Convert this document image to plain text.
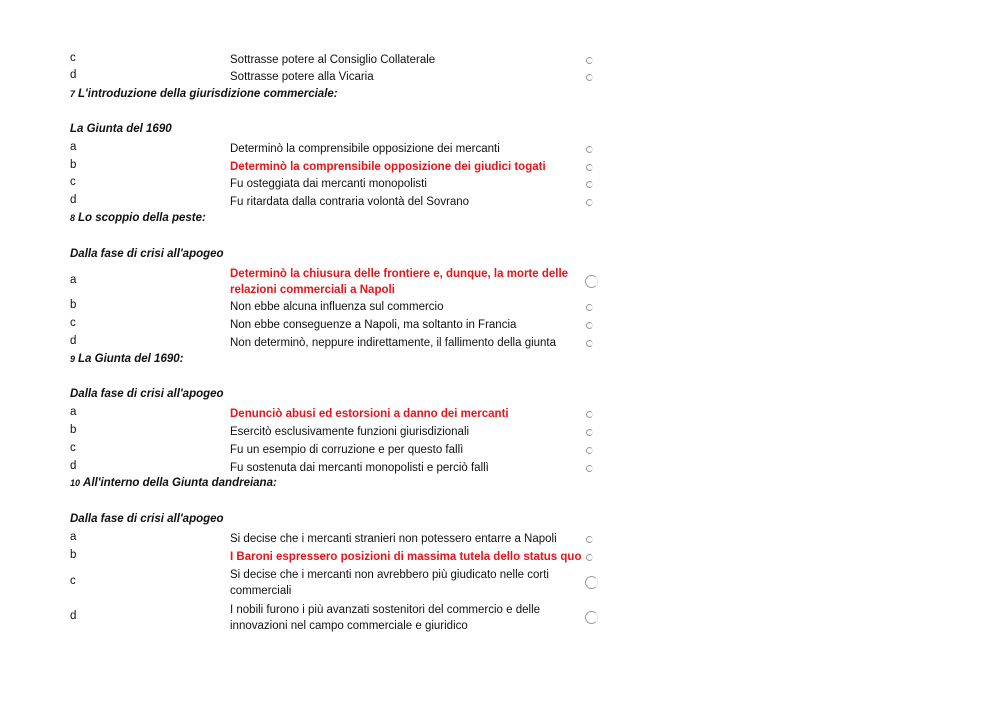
c	Sottrasse potere al Consiglio Collaterale
d	Sottrasse potere alla Vicaria
7 L'introduzione della giurisdizione commerciale:
La Giunta del 1690
a	Determinò la comprensibile opposizione dei mercanti
b	Determinò la comprensibile opposizione dei giudici togati
c	Fu osteggiata dai mercanti monopolisti
d	Fu ritardata dalla contraria volontà del Sovrano
8 Lo scoppio della peste:
Dalla fase di crisi all'apogeo
a	Determinò la chiusura delle frontiere e, dunque, la morte delle relazioni commerciali a Napoli
b	Non ebbe alcuna influenza sul commercio
c	Non ebbe conseguenze a Napoli, ma soltanto in Francia
d	Non determinò, neppure indirettamente, il fallimento della giunta
9 La Giunta del 1690:
Dalla fase di crisi all'apogeo
a	Denunciò abusi ed estorsioni a danno dei mercanti
b	Esercitò esclusivamente funzioni giurisdizionali
c	Fu un esempio di corruzione e per questo fallì
d	Fu sostenuta dai mercanti monopolisti e perciò fallì
10 All'interno della Giunta dandreiana:
Dalla fase di crisi all'apogeo
a	Si decise che i mercanti stranieri non potessero entarre a Napoli
b	I Baroni espressero posizioni di massima tutela dello status quo
c	Si decise che i mercanti non avrebbero più giudicato nelle corti commerciali
d	I nobili furono i più avanzati sostenitori del commercio e delle innovazioni nel campo commerciale e giuridico
